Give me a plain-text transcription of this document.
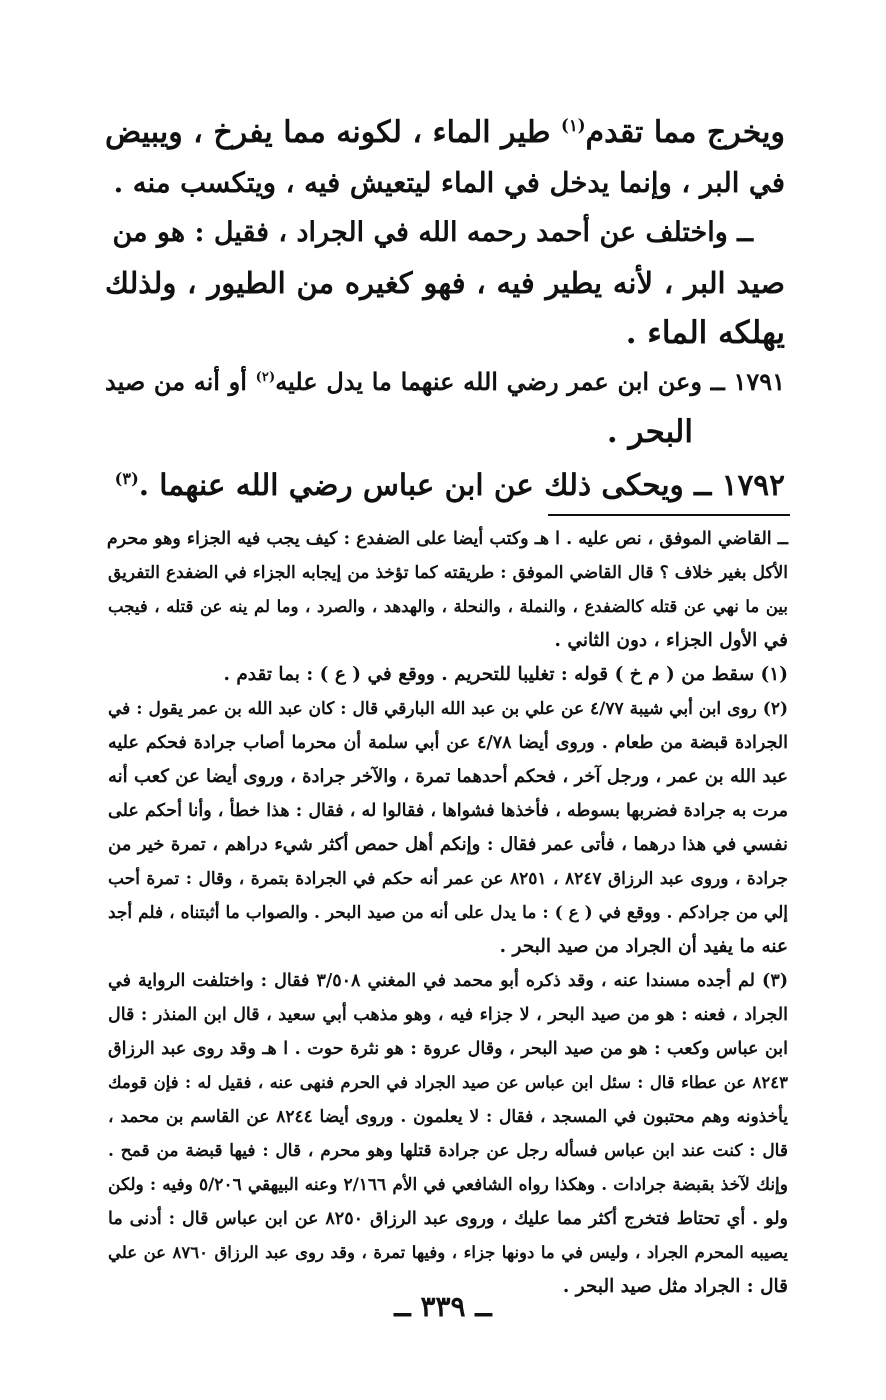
ويخرج مما تقدم$^{(١)}$ طير الماء ، لكونه مما يفرخ ، ويبيض
في البر ، وإنما يدخل في الماء ليتعيش فيه ، ويتكسب منه .
ــ واختلف عن أحمد رحمه الله في الجراد ، فقيل : هو من
صيد البر ، لأنه يطير فيه ، فهو كغيره من الطيور ، ولذلك
يهلكه الماء .
١٧٩١ ــ وعن ابن عمر رضي الله عنهما ما يدل عليه$^{(٢)}$ أو أنه من صيد
البحر .
١٧٩٢ ــ ويحكى ذلك عن ابن عباس رضي الله عنهما .$^{(٣)}$
ــ القاضي الموفق ، نص عليه . ا هـ وكتب أيضا على الضفدع : كيف يجب فيه الجزاء وهو محرم
الأكل بغير خلاف ؟ قال القاضي الموفق : طريقته كما تؤخذ من إيجابه الجزاء في الضفدع التفريق
بين ما نهي عن قتله كالضفدع ، والنملة ، والنحلة ، والهدهد ، والصرد ، وما لم ينه عن قتله ، فيجب
في الأول الجزاء ، دون الثاني .
(١) سقط من ( م خ ) قوله : تغليبا للتحريم . ووقع في ( ع ) : بما تقدم .
(٢) روى ابن أبي شيبة ٤/٧٧ عن علي بن عبد الله البارقي قال : كان عبد الله بن عمر يقول : في
الجرادة قبضة من طعام . وروى أيضا ٤/٧٨ عن أبي سلمة أن محرما أصاب جرادة فحكم عليه
عبد الله بن عمر ، ورجل آخر ، فحكم أحدهما تمرة ، والآخر جرادة ، وروى أيضا عن كعب أنه
مرت به جرادة فضربها بسوطه ، فأخذها فشواها ، فقالوا له ، فقال : هذا خطأ ، وأنا أحكم على
نفسي في هذا درهما ، فأتى عمر فقال : وإنكم أهل حمص أكثر شيء دراهم ، تمرة خير من
جرادة ، وروى عبد الرزاق ٨٢٤٧ ، ٨٢٥١ عن عمر أنه حكم في الجرادة بتمرة ، وقال : تمرة أحب
إلي من جرادكم . ووقع في ( ع ) : ما يدل على أنه من صيد البحر . والصواب ما أثبتناه ، فلم أجد
عنه ما يفيد أن الجراد من صيد البحر .
(٣) لم أجده مسندا عنه ، وقد ذكره أبو محمد في المغني ٣/٥٠٨ فقال : واختلفت الرواية في
الجراد ، فعنه : هو من صيد البحر ، لا جزاء فيه ، وهو مذهب أبي سعيد ، قال ابن المنذر : قال
ابن عباس وكعب : هو من صيد البحر ، وقال عروة : هو نثرة حوت . ا هـ وقد روى عبد الرزاق
٨٢٤٣ عن عطاء قال : سئل ابن عباس عن صيد الجراد في الحرم فنهى عنه ، فقيل له : فإن قومك
يأخذونه وهم محتبون في المسجد ، فقال : لا يعلمون . وروى أيضا ٨٢٤٤ عن القاسم بن محمد ،
قال : كنت عند ابن عباس فسأله رجل عن جرادة قتلها وهو محرم ، قال : فيها قبضة من قمح .
وإنك لآخذ بقبضة جرادات . وهكذا رواه الشافعي في الأم ٢/١٦٦ وعنه البيهقي ٥/٢٠٦ وفيه : ولكن
ولو . أي تحتاط فتخرج أكثر مما عليك ، وروى عبد الرزاق ٨٢٥٠ عن ابن عباس قال : أدنى ما
يصيبه المحرم الجراد ، وليس في ما دونها جزاء ، وفيها تمرة ، وقد روى عبد الرزاق ٨٧٦٠ عن علي
قال : الجراد مثل صيد البحر .
ــ ٣٣٩ ــ
